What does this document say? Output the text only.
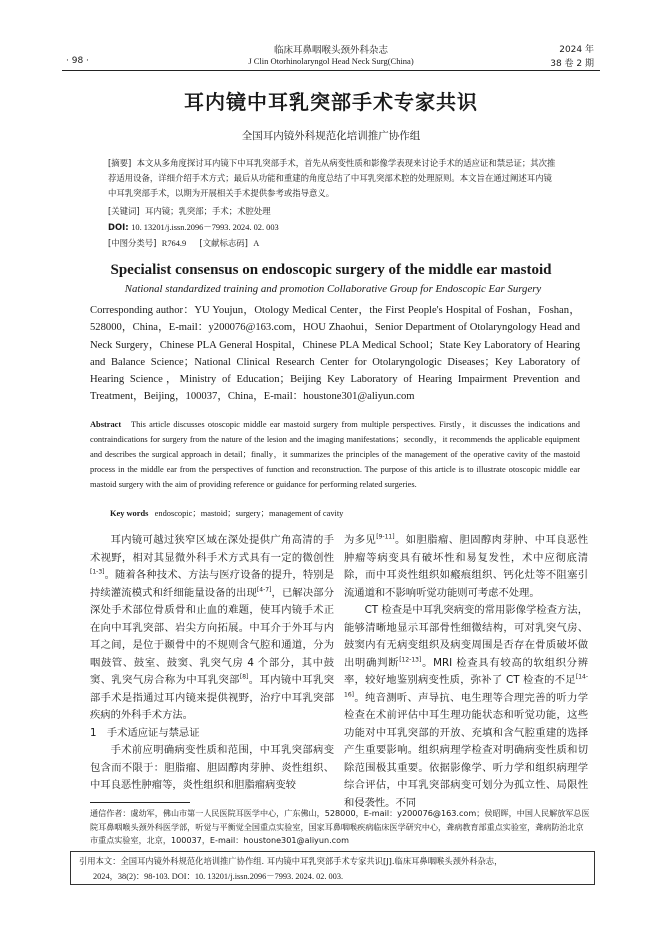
临床耳鼻咽喉头颈外科杂志
J Clin Otorhinolaryngol Head Neck Surg(China)
· 98 ·
2024 年
38 卷 2 期
耳内镜中耳乳突部手术专家共识
全国耳内镜外科规范化培训推广协作组
[摘要] 本文从多角度探讨耳内镜下中耳乳突部手术，首先从病变性质和影像学表现来讨论手术的适应证和禁忌证；其次推荐适用设备，详细介绍手术方式；最后从功能和重建的角度总结了中耳乳突部术腔的处理原则。本文旨在通过阐述耳内镜中耳乳突部手术，以期为开展相关手术提供参考或指导意义。
[关键词] 耳内镜；乳突部；手术；术腔处理
DOI: 10. 13201/j.issn.2096－7993. 2024. 02. 003
[中图分类号] R764.9 [文献标志码] A
Specialist consensus on endoscopic surgery of the middle ear mastoid
National standardized training and promotion Collaborative Group for Endoscopic Ear Surgery
Corresponding author：YU Youjun，Otology Medical Center，the First People's Hospital of Foshan，Foshan，528000，China，E-mail：y200076@163.com，HOU Zhaohui，Senior Department of Otolaryngology Head and Neck Surgery，Chinese PLA General Hospital，Chinese PLA Medical School；State Key Laboratory of Hearing and Balance Science；National Clinical Research Center for Otolaryngologic Diseases；Key Laboratory of Hearing Science，Ministry of Education；Beijing Key Laboratory of Hearing Impairment Prevention and Treatment，Beijing，100037，China，E-mail：houstone301@aliyun.com
Abstract This article discusses otoscopic middle ear mastoid surgery from multiple perspectives. Firstly，it discusses the indications and contraindications for surgery from the nature of the lesion and the imaging manifestations；secondly，it recommends the applicable equipment and describes the surgical approach in detail；finally，it summarizes the principles of the management of the operative cavity of the mastoid process in the middle ear from the perspectives of function and reconstruction. The purpose of this article is to illustrate otoscopic middle ear mastoid surgery with the aim of providing reference or guidance for performing related surgeries.
Key words endoscopic；mastoid；surgery；management of cavity

耳内镜可越过狭窄区域在深处提供广角高清的手术视野，相对其显微外科手术方式具有一定的微创性[1-3]。随着各种技术、方法与医疗设备的提升，特别是持续灌流模式和纤细能量设备的出现[4-7]，已解决部分深处手术部位骨质骨和止血的难题，使耳内镜手术正在向中耳乳突部、岩尖方向拓展。中耳介于外耳与内耳之间，是位于颞骨中的不规则含气腔和通道，分为咽鼓管、鼓室、鼓窦、乳突气房 4 个部分，其中鼓窦、乳突气房合称为中耳乳突部[8]。耳内镜中耳乳突部手术是指通过耳内镜来提供视野，治疗中耳乳突部疾病的外科手术方法。

1　手术适应证与禁忌证

手术前应明确病变性质和范围，中耳乳突部病变包含而不限于：胆脂瘤、胆固醇肉芽肿、炎性组织、中耳良恶性肿瘤等，炎性组织和胆脂瘤病变较

为多见[9-11]。如胆脂瘤、胆固醇肉芽肿、中耳良恶性肿瘤等病变具有破坏性和易复发性，术中应彻底清除，而中耳炎性组织如瘢痕组织、钙化灶等不阻塞引流通道和不影响听觉功能则可考虑不处理。

CT 检查是中耳乳突病变的常用影像学检查方法，能够清晰地显示耳部骨性细微结构，可对乳突气房、鼓窦内有无病变组织及病变周围是否存在骨质破坏做出明确判断[12-13]。MRI 检查具有较高的软组织分辨率，较好地鉴别病变性质，弥补了 CT 检查的不足[14-16]。纯音测听、声导抗、电生理等合理完善的听力学检查在术前评估中耳生理功能状态和听觉功能，这些功能对中耳乳突部的开放、充填和含气腔重建的选择产生重要影响。组织病理学检查对明确病变性质和切除范围极其重要。依据影像学、听力学和组织病理学综合评估，中耳乳突部病变可划分为孤立性、局限性和侵袭性。不同

通信作者：虞幼军，佛山市第一人民医院耳医学中心，广东佛山，528000，E-mail：y200076@163.com；侯昭晖，中国人民解放军总医院耳鼻咽喉头颈外科医学部，听觉与平衡觉全国重点实验室，国家耳鼻咽喉疾病临床医学研究中心，聋病教育部重点实验室，聋病防治北京市重点实验室，北京，100037，E-mail：houstone301@aliyun.com
引用本文：全国耳内镜外科规范化培训推广协作组. 耳内镜中耳乳突部手术专家共识[J].临床耳鼻咽喉头颈外科杂志，
2024，38(2)：98-103. DOI：10. 13201/j.issn.2096－7993. 2024. 02. 003.
